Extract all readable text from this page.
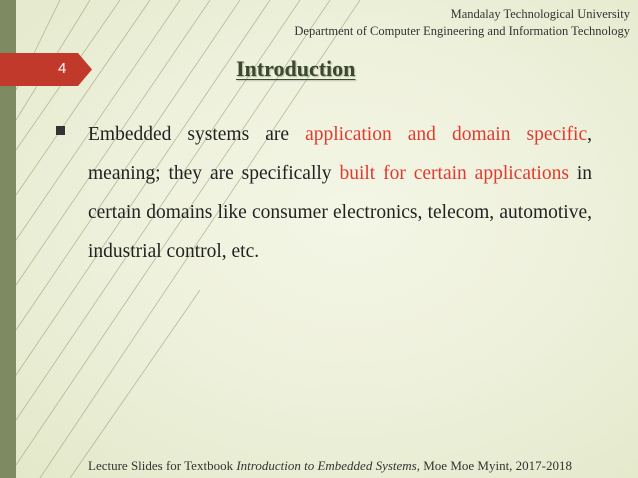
Mandalay Technological University
Department of Computer Engineering and Information Technology
4	Introduction
Embedded systems are application and domain specific, meaning; they are specifically built for certain applications in certain domains like consumer electronics, telecom, automotive, industrial control, etc.
Lecture Slides for Textbook Introduction to Embedded Systems, Moe Moe Myint, 2017-2018
